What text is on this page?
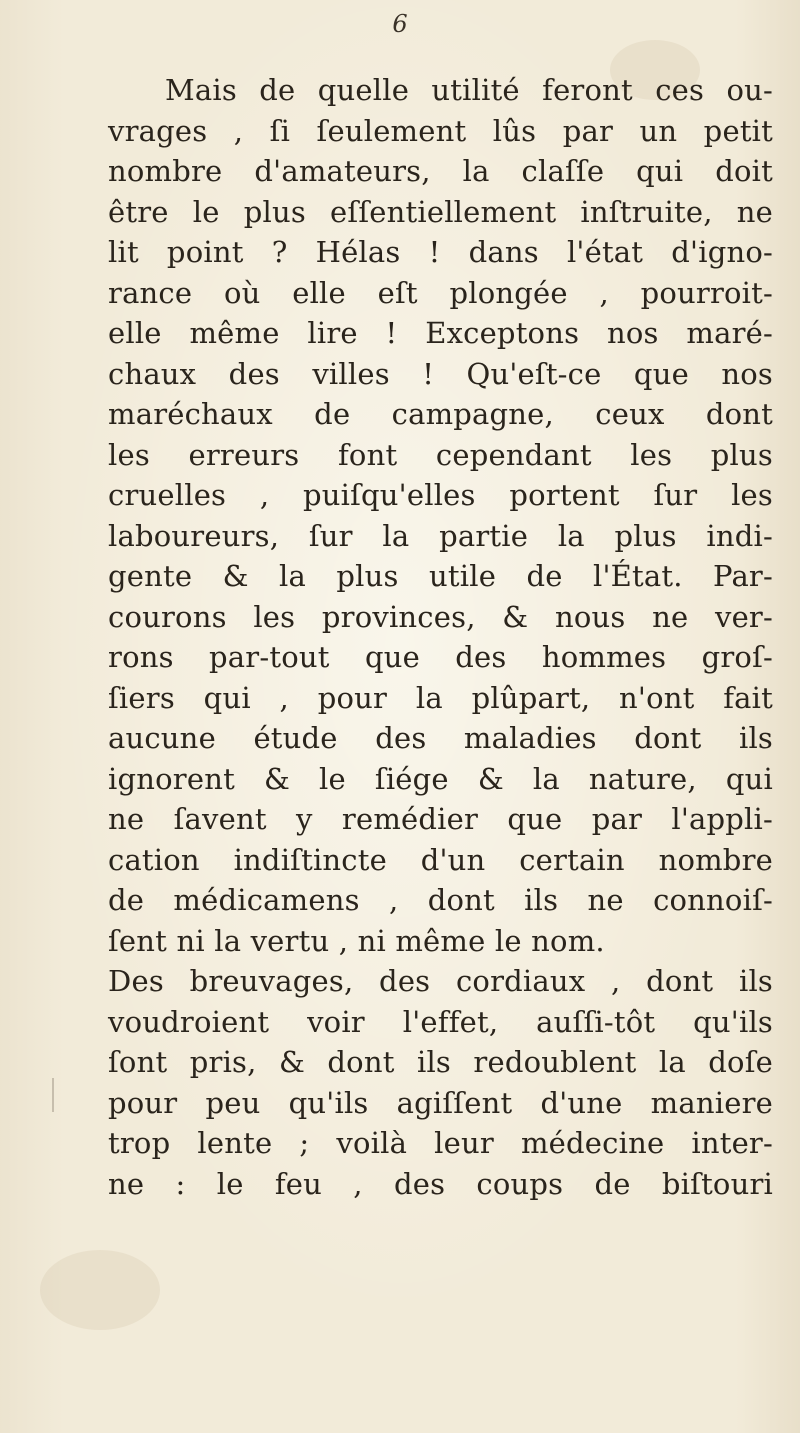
6
Mais de quelle utilité feront ces ou-
vrages , ſi ſeulement lûs par un petit
nombre d'amateurs, la claſſe qui doit
être le plus eſſentiellement inſtruite, ne
lit point ? Hélas ! dans l'état d'igno-
rance où elle eſt plongée , pourroit-
elle même lire ! Exceptons nos maré-
chaux des villes ! Qu'eſt-ce que nos
maréchaux de campagne, ceux dont
les erreurs font cependant les plus
cruelles , puiſqu'elles portent ſur les
laboureurs, ſur la partie la plus indi-
gente & la plus utile de l'État. Par-
courons les provinces, & nous ne ver-
rons par-tout que des hommes groſ-
ſiers qui , pour la plûpart, n'ont fait
aucune étude des maladies dont ils
ignorent & le ſiége & la nature, qui
ne ſavent y remédier que par l'appli-
cation indiſtincte d'un certain nombre
de médicamens , dont ils ne connoiſ-
ſent ni la vertu , ni même le nom.
Des breuvages, des cordiaux , dont ils
voudroient voir l'effet, auſſi-tôt qu'ils
ſont pris, & dont ils redoublent la doſe
pour peu qu'ils agiſſent d'une maniere
trop lente ; voilà leur médecine inter-
ne : le feu , des coups de biſtouri
